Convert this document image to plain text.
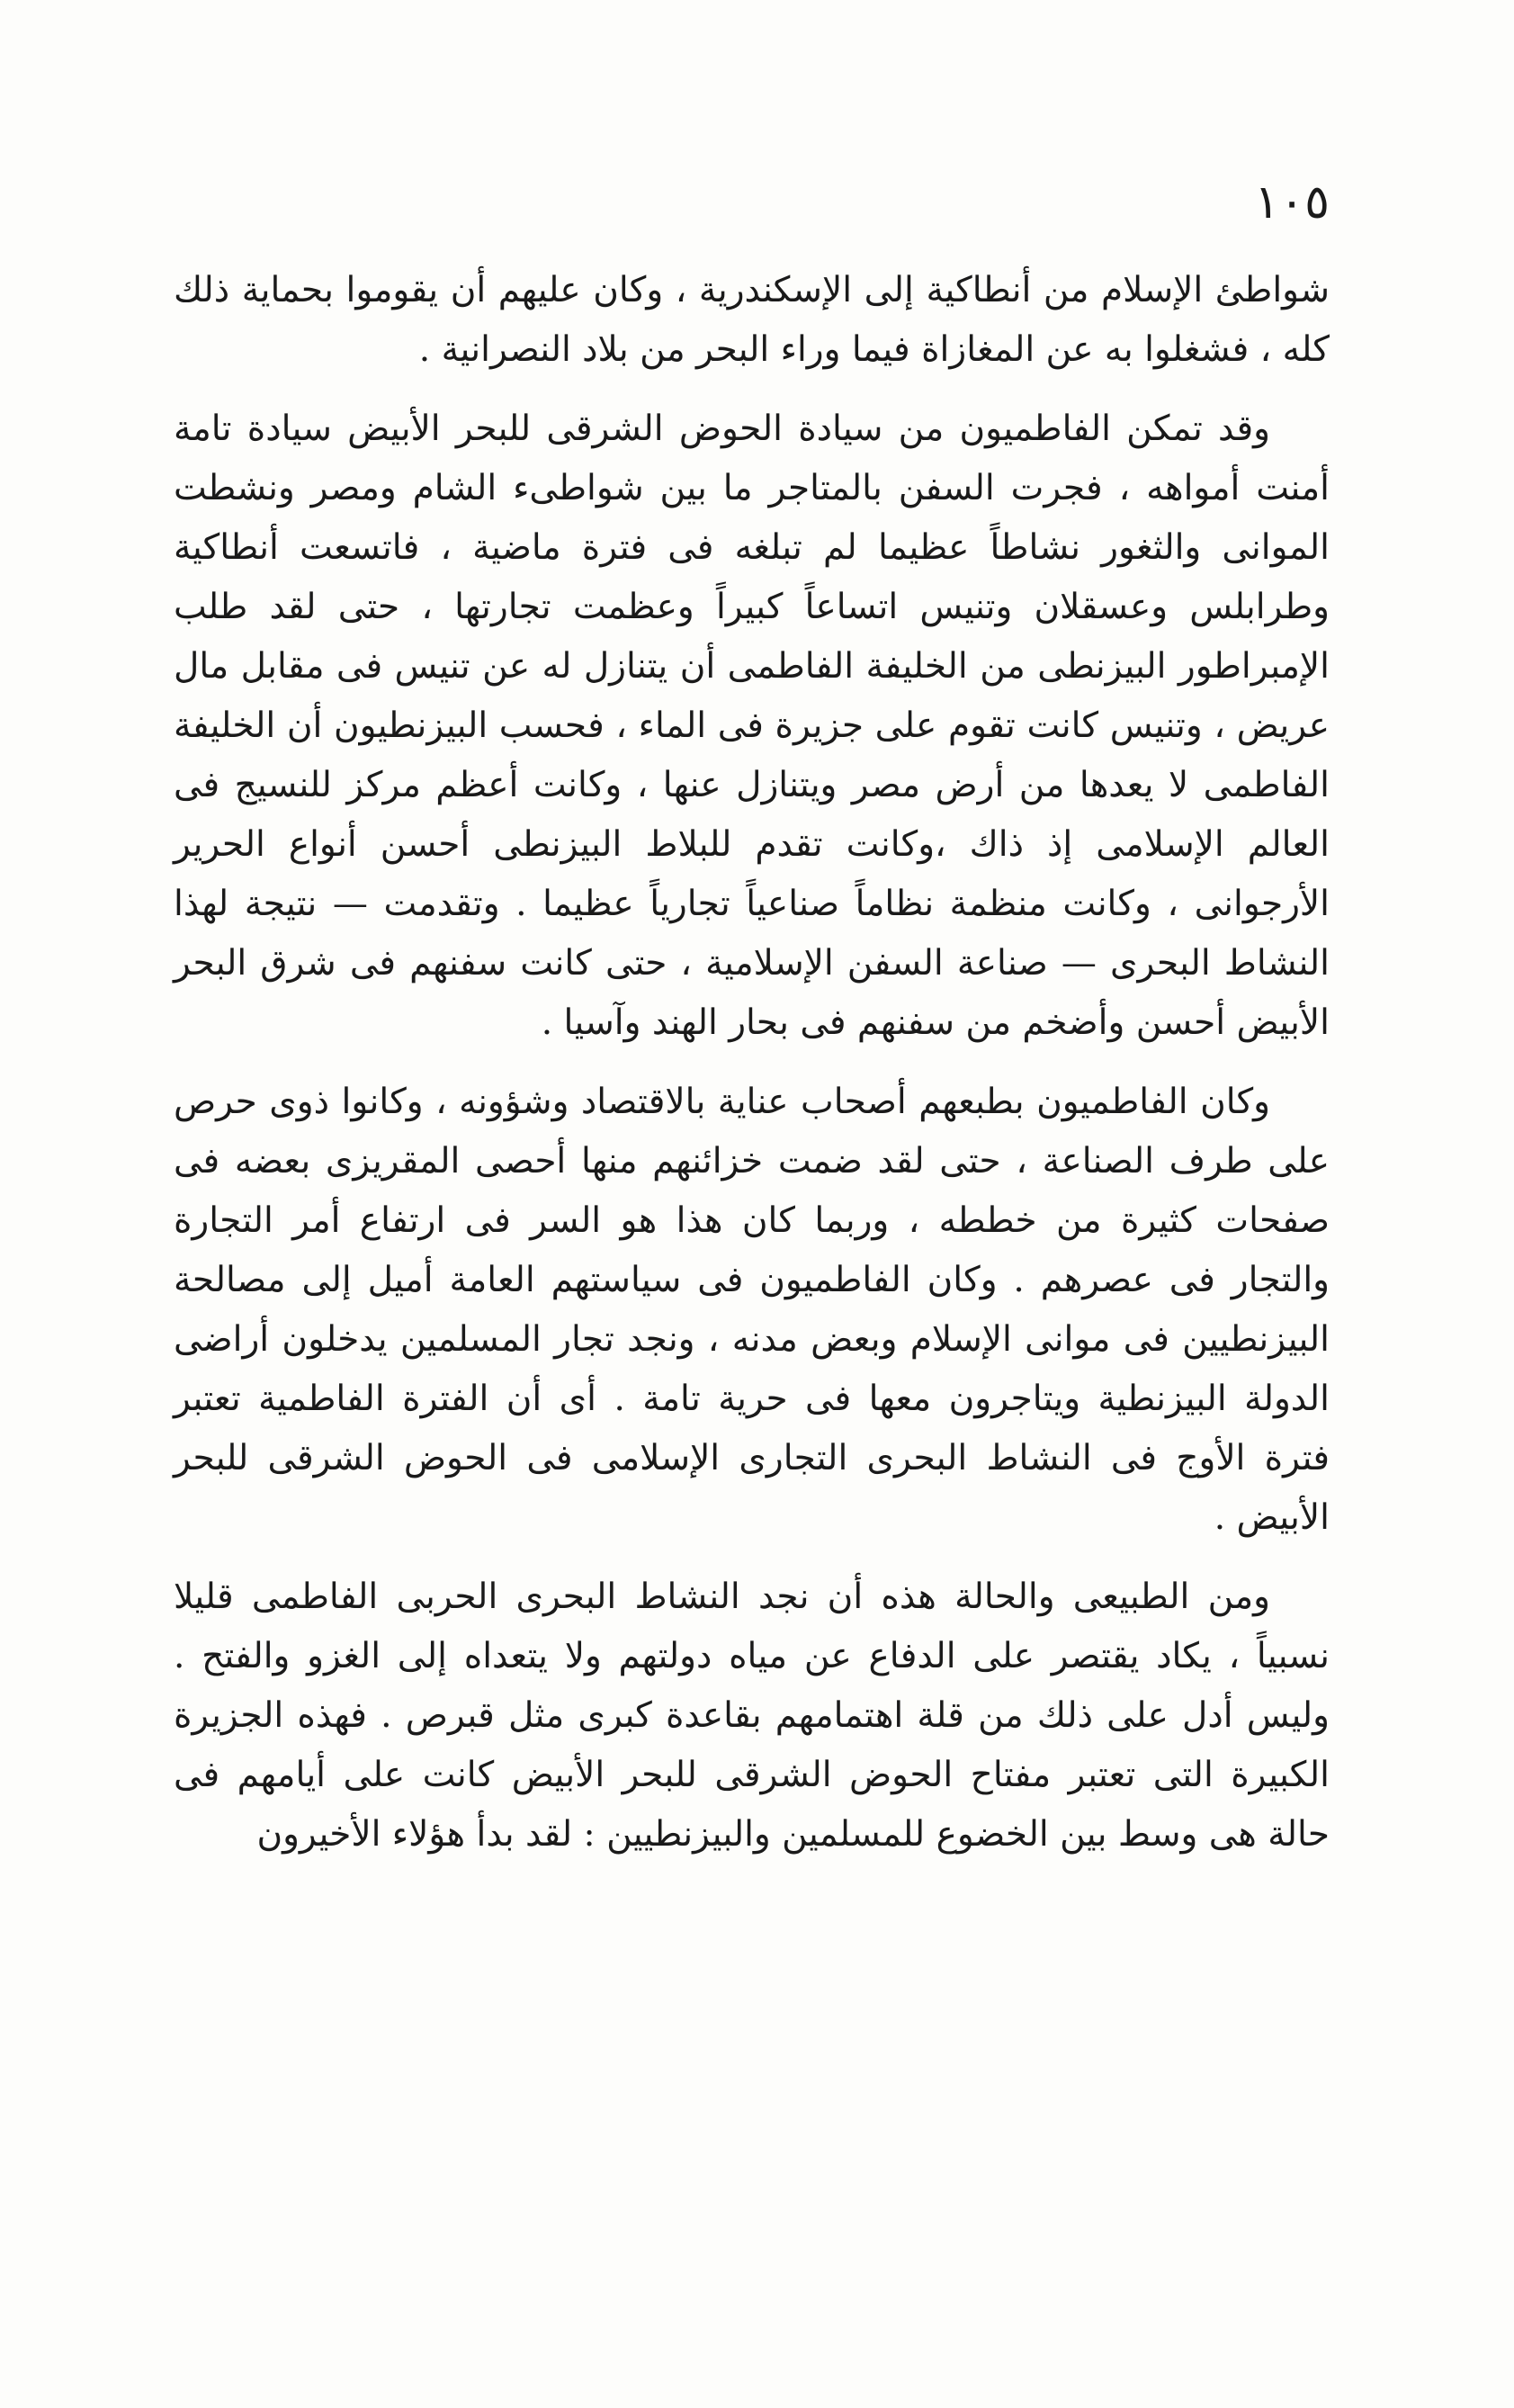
١٠٥

شواطئ الإسلام من أنطاكية إلى الإسكندرية ، وكان عليهم أن يقوموا بحماية ذلك كله ، فشغلوا به عن المغازاة فيما وراء البحر من بلاد النصرانية .

وقد تمكن الفاطميون من سيادة الحوض الشرقى للبحر الأبيض سيادة تامة أمنت أمواهه ، فجرت السفن بالمتاجر ما بين شواطىء الشام ومصر ونشطت الموانى والثغور نشاطاً عظيما لم تبلغه فى فترة ماضية ، فاتسعت أنطاكية وطرابلس وعسقلان وتنيس اتساعاً كبيراً وعظمت تجارتها ، حتى لقد طلب الإمبراطور البيزنطى من الخليفة الفاطمى أن يتنازل له عن تنيس فى مقابل مال عريض ، وتنيس كانت تقوم على جزيرة فى الماء ، فحسب البيزنطيون أن الخليفة الفاطمى لا يعدها من أرض مصر ويتنازل عنها ، وكانت أعظم مركز للنسيج فى العالم الإسلامى إذ ذاك ،وكانت تقدم للبلاط البيزنطى أحسن أنواع الحرير الأرجوانى ، وكانت منظمة نظاماً صناعياً تجارياً عظيما . وتقدمت — نتيجة لهذا النشاط البحرى — صناعة السفن الإسلامية ، حتى كانت سفنهم فى شرق البحر الأبيض أحسن وأضخم من سفنهم فى بحار الهند وآسيا .

وكان الفاطميون بطبعهم أصحاب عناية بالاقتصاد وشؤونه ، وكانوا ذوى حرص على طرف الصناعة ، حتى لقد ضمت خزائنهم منها أحصى المقريزى بعضه فى صفحات كثيرة من خططه ، وربما كان هذا هو السر فى ارتفاع أمر التجارة والتجار فى عصرهم . وكان الفاطميون فى سياستهم العامة أميل إلى مصالحة البيزنطيين فى موانى الإسلام وبعض مدنه ، ونجد تجار المسلمين يدخلون أراضى الدولة البيزنطية ويتاجرون معها فى حرية تامة . أى أن الفترة الفاطمية تعتبر فترة الأوج فى النشاط البحرى التجارى الإسلامى فى الحوض الشرقى للبحر الأبيض .

ومن الطبيعى والحالة هذه أن نجد النشاط البحرى الحربى الفاطمى قليلا نسبياً ، يكاد يقتصر على الدفاع عن مياه دولتهم ولا يتعداه إلى الغزو والفتح . وليس أدل على ذلك من قلة اهتمامهم بقاعدة كبرى مثل قبرص . فهذه الجزيرة الكبيرة التى تعتبر مفتاح الحوض الشرقى للبحر الأبيض كانت على أيامهم فى حالة هى وسط بين الخضوع للمسلمين والبيزنطيين : لقد بدأ هؤلاء الأخيرون
